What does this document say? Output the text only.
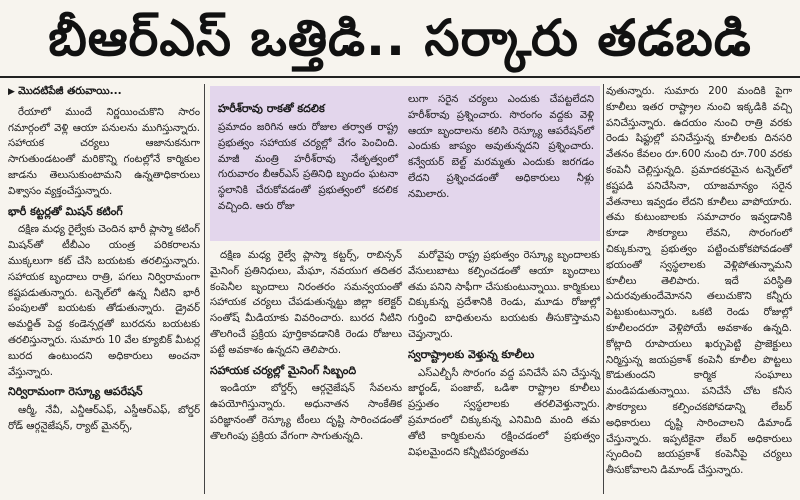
బీఆర్ఎస్ ఒత్తిడి.. సర్కారు తడబడి
▶ మొదటిపేజీ తరువాయి...

రేయాలో ముందే నిర్ణయించుకొని సారం గమార్గంలో వెళ్లి ఆయా పనులను ముగిస్తున్నారు. సహాయక చర్యలు ఆజానుకనుగా సాగుతుండటంతో మరికొన్ని గంటల్లోనే కార్మికుల జాడను తెలుసుకుంటామని ఉన్నతాధికారులు విశ్వాసం వ్యక్తంచేస్తున్నారు.

భారీ కట్టర్లతో మిషన్ కటింగ్

దక్షిణ మధ్య రైల్వేకు చెందిన భారీ ప్లాస్మా కటింగ్ మిషన్‌తో టీబీఎం యంత్ర పరికరాలను ముక్కలుగా కట్ చేసి బయటకు తరలిస్తున్నారు. సహాయక బృందాలు రాత్రి, పగలు నిర్విరామంగా కష్టపడుతున్నారు. టన్నెల్‌లో ఉన్న నీటిని భారీ పంపులతో బయటకు తోడుతున్నారు. డ్రైవర్ అమర్జిత్ పెద్ద కండెన్సర్లతో బురదను బయటకు తరలిస్తున్నారు. సుమారు 10 వేల క్యూబిక్ మీటర్ల బురద ఉంటుందని అధికారులు అంచనా వేస్తున్నారు.

నిర్విరామంగా రెస్క్యూ ఆపరేషన్

ఆర్మీ, నేవీ, ఎన్డీఆర్ఎఫ్, ఎస్డీఆర్ఎఫ్, బోర్డర్ రోడ్ ఆర్గనైజేషన్, ర్యాట్ మైనర్స్,

హరీశ్‌రావు రాకతో కదలిక
ప్రమాదం జరిగిన ఆరు రోజుల తర్వాత రాష్ట్ర ప్రభుత్వం సహాయక చర్యల్లో వేగం పెంచింది. మాజీ మంత్రి హరీశ్‌రావు నేతృత్వంలో గురువారం బీఆర్ఎస్ ప్రతినిధి బృందం ఘటనా స్థలానికి చేరుకోవడంతో ప్రభుత్వంలో కదలిక వచ్చింది. ఆరు రోజు
లుగా సరైన చర్యలు ఎందుకు చేపట్టలేదని హరీశ్‌రావు ప్రశ్నించారు. సొరంగం వద్దకు వెళ్లి ఆయా బృందాలను కలిసి రెస్క్యూ ఆపరేషన్‌లో ఎందుకు జాప్యం అవుతున్నదని ప్రశ్నించారు. కన్వేయర్ బెల్ట్ మరమ్మతు ఎందుకు జరగడం లేదని ప్రశ్నించడంతో అధికారులు నీళ్లు నమిలారు.

దక్షిణ మధ్య రైల్వే ప్లాస్మా కట్టర్స్, రాబిన్సన్ మైనింగ్ ప్రతినిధులు, మేఘా, నవయుగ తదితర కంపెనీల బృందాలు నిరంతరం సమన్వయంతో సహాయక చర్యలు చేపడుతున్నట్టు జిల్లా కలెక్టర్ సంతోష్ మీడియాకు వివరించారు. బురద నీటిని తొలగించే ప్రక్రియ పూర్తికావడానికి రెండు రోజులు పట్టే అవకాశం ఉన్నదని తెలిపారు.

సహాయక చర్యల్లో మైనింగ్ సిబ్బంది

ఇండియా బోర్డర్స్ ఆర్గనైజేషన్ సేవలను ఉపయోగిస్తున్నారు. అధునాతన సాంకేతిక పరిజ్ఞానంతో రెస్క్యూ టీంలు దృష్టి సారించడంతో తొలగింపు ప్రక్రియ వేగంగా సాగుతున్నది.

మరోవైపు రాష్ట్ర ప్రభుత్వం రెస్క్యూ బృందాలకు వేసులుబాటు కల్పించడంతో ఆయా బృందాలు తమ పనిని సాఫీగా చేసుకుంటున్నాయి. కార్మికులు చిక్కుకున్న ప్రదేశానికి రెండు, మూడు రోజుల్లో గుర్తించి బాధితులను బయటకు తీసుకొస్తామని చెప్తున్నారు.

స్వరాష్ట్రాలకు వెళ్తున్న కూలీలు

ఎస్ఎల్బీసీ సొరంగం వద్ద పనిచేసే పని చేస్తున్న జార్ఖండ్, పంజాబ్, ఒడిశా రాష్ట్రాల కూలీలు ప్రస్తుతం స్వస్థలాలకు తరలివెళ్తున్నారు. ప్రమాదంలో చిక్కుకున్న ఎనిమిది మంది తమ తోటి కార్మికులను రక్షించడంలో ప్రభుత్వం విఫలమైందని కన్నీటిపర్యంతమ

వుతున్నారు. సుమారు 200 మందికి పైగా కూలీలు ఇతర రాష్ట్రాల నుంచి ఇక్కడికి వచ్చి పనిచేస్తున్నారు. ఉదయం నుంచి రాత్రి వరకు రెండు షిఫ్టుల్లో పనిచేస్తున్న కూలీలకు దినసరి వేతనం కేవలం రూ.600 నుంచి రూ.700 వరకు కంపెనీ చెల్లిస్తున్నది. ప్రమాదకరమైన టన్నెల్‌లో కష్టపడి పనిచేసినా, యాజమాన్యం సరైన వేతనాలు ఇవ్వడం లేదని కూలీలు వాపోయారు. తమ కుటుంబాలకు సమాచారం ఇవ్వడానికి కూడా సౌకర్యాలు లేవని, సొరంగంలో చిక్కుకున్నా ప్రభుత్వం పట్టించుకోకపోవడంతో భయంతో స్వస్థలాలకు వెళ్లిపోతున్నామని కూలీలు తెలిపారు. ఇదే పరిస్థితి ఎదురవుతుందేమోనని తలుచుకొని కన్నీరు పెట్టుకుంటున్నారు. ఒకటి రెండు రోజుల్లో కూలీలందరూ వెళ్లిపోయే అవకాశం ఉన్నది. కోట్లాది రూపాయలు ఖర్చుపెట్టి ప్రాజెక్టులు నిర్మిస్తున్న జయప్రకాశ్ కంపెనీ కూలీల పొట్టలు కొడుతుందని కార్మిక సంఘాలు మండిపడుతున్నాయి. పనిచేసే చోట కనీస సౌకర్యాలు కల్పించకపోవడాన్ని లేబర్ అధికారులు దృష్టి సారించాలని డిమాండ్ చేస్తున్నారు. ఇప్పటికైనా లేబర్ అధికారులు స్పందించి జయప్రకాశ్ కంపెనీపై చర్యలు తీసుకోవాలని డిమాండ్ చేస్తున్నారు.
